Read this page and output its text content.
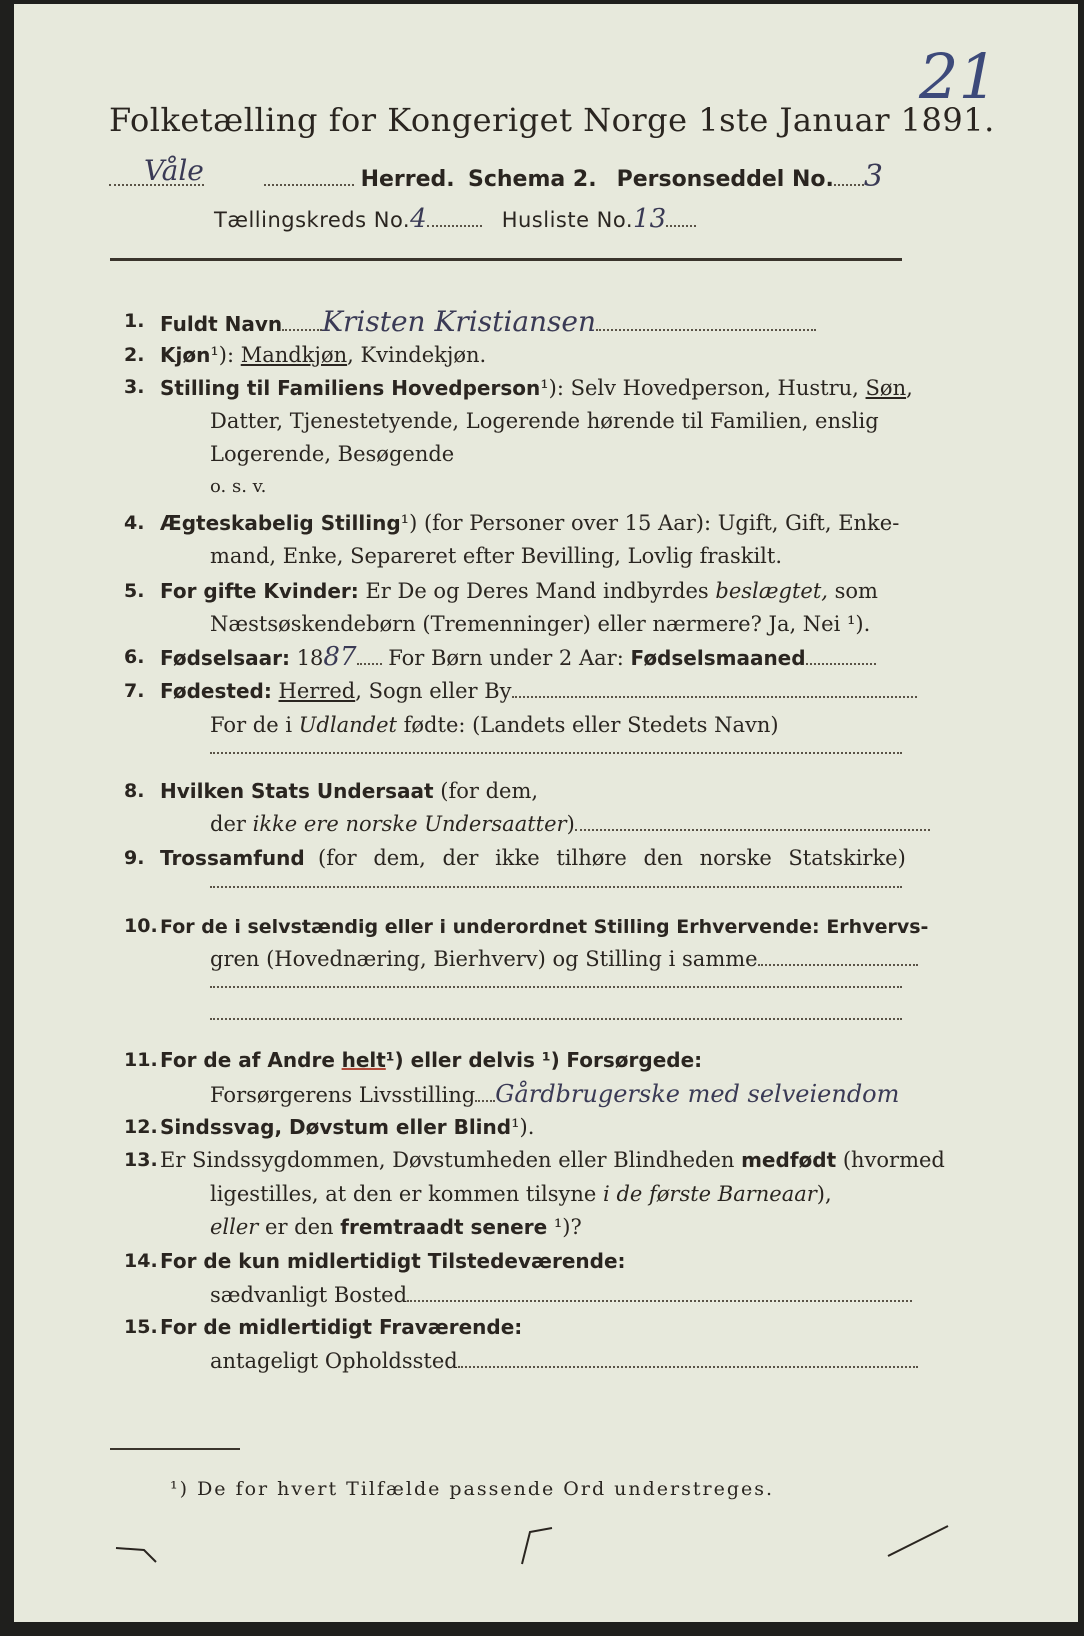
Folketælling for Kongeriget Norge 1ste Januar 1891.
21
Våle	Herred. Schema 2. Personseddel No. 3
Tællingskreds No.4	Husliste No.13
1. Fuldt Navn Kristen Kristiansen
2. Kjøn¹): Mandkjøn, Kvindekjøn.
3. Stilling til Familiens Hovedperson¹): Selv Hovedperson, Hustru, Søn,
Datter, Tjenestetyende, Logerende hørende til Familien, enslig
Logerende, Besøgende
o. s. v.
4. Ægteskabelig Stilling¹) (for Personer over 15 Aar): Ugift, Gift, Enke-
mand, Enke, Separeret efter Bevilling, Lovlig fraskilt.
5. For gifte Kvinder: Er De og Deres Mand indbyrdes beslægtet, som
Næstsøskendebørn (Tremenninger) eller nærmere? Ja, Nei ¹).
6. Fødselsaar: 1887 For Børn under 2 Aar: Fødselsmaaned
7. Fødested: Herred, Sogn eller By
For de i Udlandet fødte: (Landets eller Stedets Navn)
8. Hvilken Stats Undersaat (for dem,
der ikke ere norske Undersaatter)
9. Trossamfund (for dem, der ikke tilhøre den norske Statskirke)
10. For de i selvstændig eller i underordnet Stilling Erhvervende: Erhvervs-
gren (Hovednæring, Bierhverv) og Stilling i samme
11. For de af Andre helt¹) eller delvis ¹) Forsørgede:
Forsørgerens Livsstilling Gårdbrugerske med selveiendom
12. Sindssvag, Døvstum eller Blind¹).
13. Er Sindssygdommen, Døvstumheden eller Blindheden medfødt (hvormed
ligestilles, at den er kommen tilsyne i de første Barneaar),
eller er den fremtraadt senere ¹)?
14. For de kun midlertidigt Tilstedeværende:
sædvanligt Bosted
15. For de midlertidigt Fraværende:
antageligt Opholdssted
¹) De for hvert Tilfælde passende Ord understreges.
